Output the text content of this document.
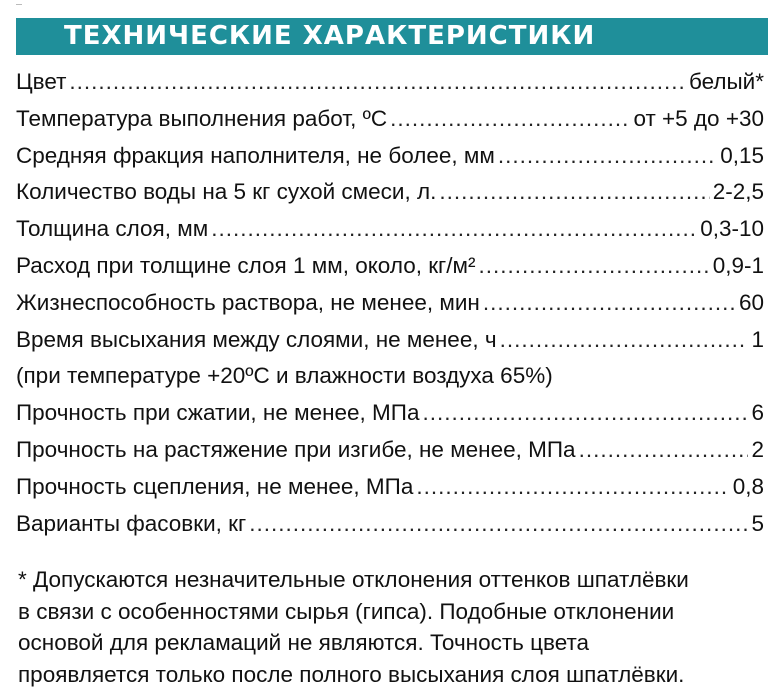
ТЕХНИЧЕСКИЕ ХАРАКТЕРИСТИКИ
Цвет .....	белый*
Температура выполнения работ, ºС .....	от +5 до +30
Средняя фракция наполнителя, не более, мм .....	0,15
Количество воды на 5 кг сухой смеси, л. .....	2-2,5
Толщина слоя, мм .....	0,3-10
Расход при толщине слоя 1 мм, около, кг/м² .....	0,9-1
Жизнеспособность раствора, не менее, мин .....	60
Время высыхания между слоями, не менее, ч .....	1
(при температуре +20ºС и влажности воздуха 65%)
Прочность при сжатии, не менее, МПа .....	6
Прочность на растяжение при изгибе, не менее, МПа .....	2
Прочность сцепления, не менее, МПа .....	0,8
Варианты фасовки, кг .....	5
* Допускаются незначительные отклонения оттенков шпатлёвки
в связи с особенностями сырья (гипса). Подобные отклонении
основой для рекламаций не являются. Точность цвета
проявляется только после полного высыхания слоя шпатлёвки.
